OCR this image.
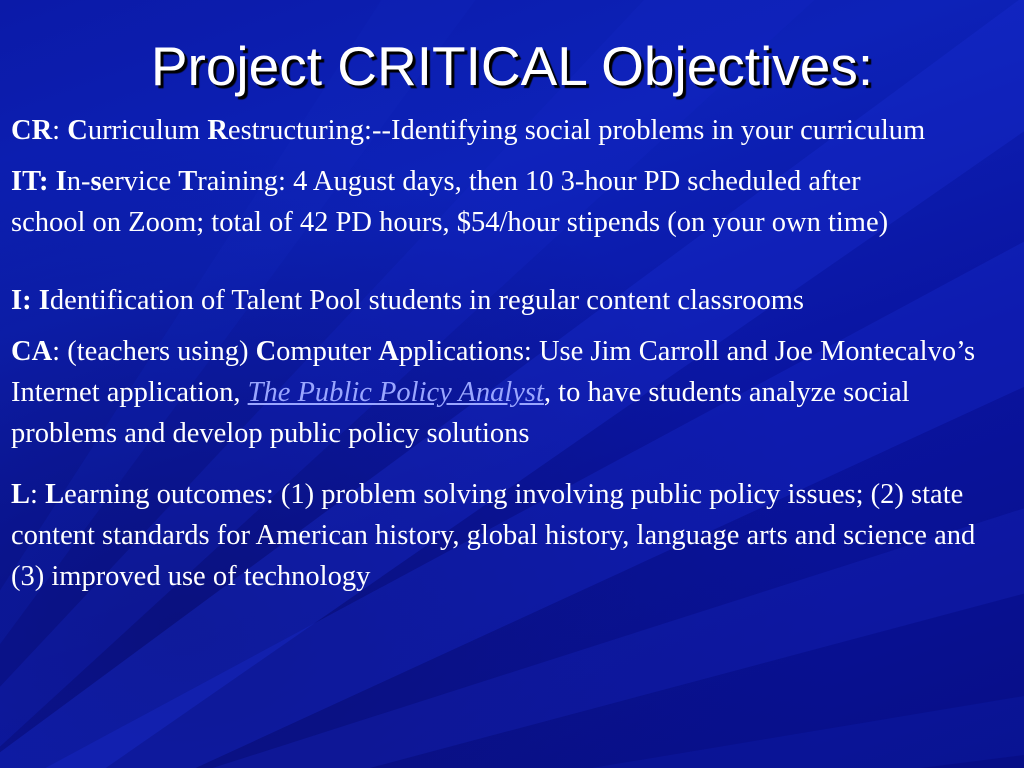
Project CRITICAL Objectives:

CR: Curriculum Restructuring:--Identifying social problems in your curriculum

IT: In-service Training: 4 August days, then 10 3-hour PD scheduled after school on Zoom; total of 42 PD hours, $54/hour stipends (on your own time)

I: Identification of Talent Pool students in regular content classrooms

CA: (teachers using) Computer Applications: Use Jim Carroll and Joe Montecalvo’s Internet application, The Public Policy Analyst, to have students analyze social problems and develop public policy solutions

L: Learning outcomes: (1) problem solving involving public policy issues; (2) state content standards for American history, global history, language arts and science and (3) improved use of technology
